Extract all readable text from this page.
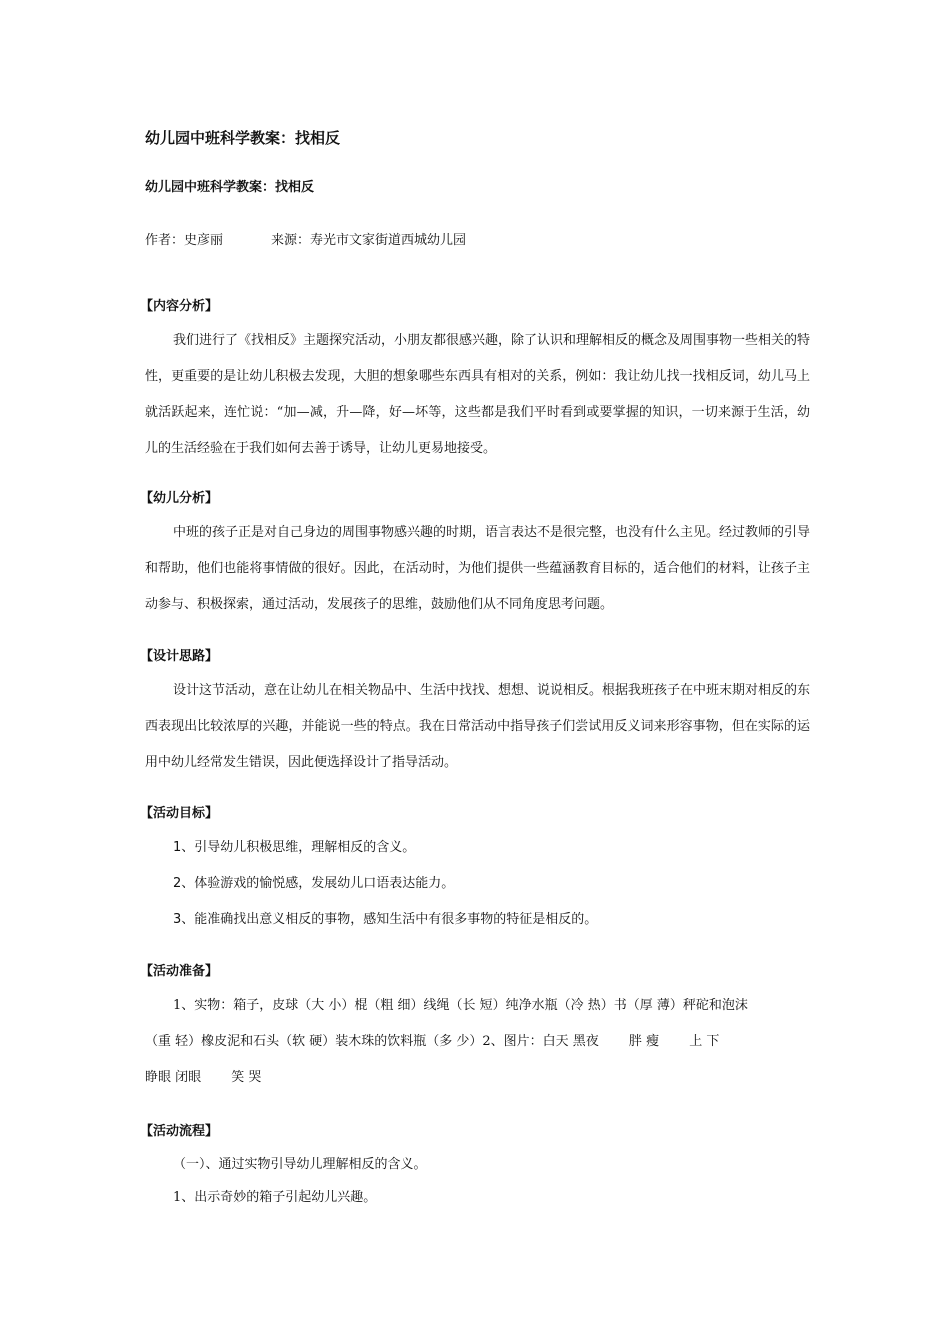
幼儿园中班科学教案：找相反
幼儿园中班科学教案：找相反
作者：史彦丽	来源：寿光市文家街道西城幼儿园
【内容分析】

我们进行了《找相反》主题探究活动，小朋友都很感兴趣，除了认识和理解相反的概念及周围事物一些相关的特性，更重要的是让幼儿积极去发现，大胆的想象哪些东西具有相对的关系，例如：我让幼儿找一找相反词，幼儿马上就活跃起来，连忙说：“加—减，升—降，好—坏等，这些都是我们平时看到或要掌握的知识，一切来源于生活，幼儿的生活经验在于我们如何去善于诱导，让幼儿更易地接受。

【幼儿分析】

中班的孩子正是对自己身边的周围事物感兴趣的时期，语言表达不是很完整，也没有什么主见。经过教师的引导和帮助，他们也能将事情做的很好。因此，在活动时，为他们提供一些蕴涵教育目标的，适合他们的材料，让孩子主动参与、积极探索，通过活动，发展孩子的思维，鼓励他们从不同角度思考问题。

【设计思路】

设计这节活动，意在让幼儿在相关物品中、生活中找找、想想、说说相反。根据我班孩子在中班末期对相反的东西表现出比较浓厚的兴趣，并能说一些的特点。我在日常活动中指导孩子们尝试用反义词来形容事物，但在实际的运用中幼儿经常发生错误，因此便选择设计了指导活动。

【活动目标】

1、引导幼儿积极思维，理解相反的含义。

2、体验游戏的愉悦感，发展幼儿口语表达能力。

3、能准确找出意义相反的事物，感知生活中有很多事物的特征是相反的。

【活动准备】

1、实物：箱子，皮球（大 小）棍（粗 细）线绳（长 短）纯净水瓶（冷 热）书（厚 薄）秤砣和泡沫

（重 轻）橡皮泥和石头（软 硬）装木珠的饮料瓶（多 少）2、图片：白天 黑夜　　 胖 瘦　　 上 下

睁眼 闭眼　　 笑 哭

【活动流程】

（一）、通过实物引导幼儿理解相反的含义。

1、出示奇妙的箱子引起幼儿兴趣。
